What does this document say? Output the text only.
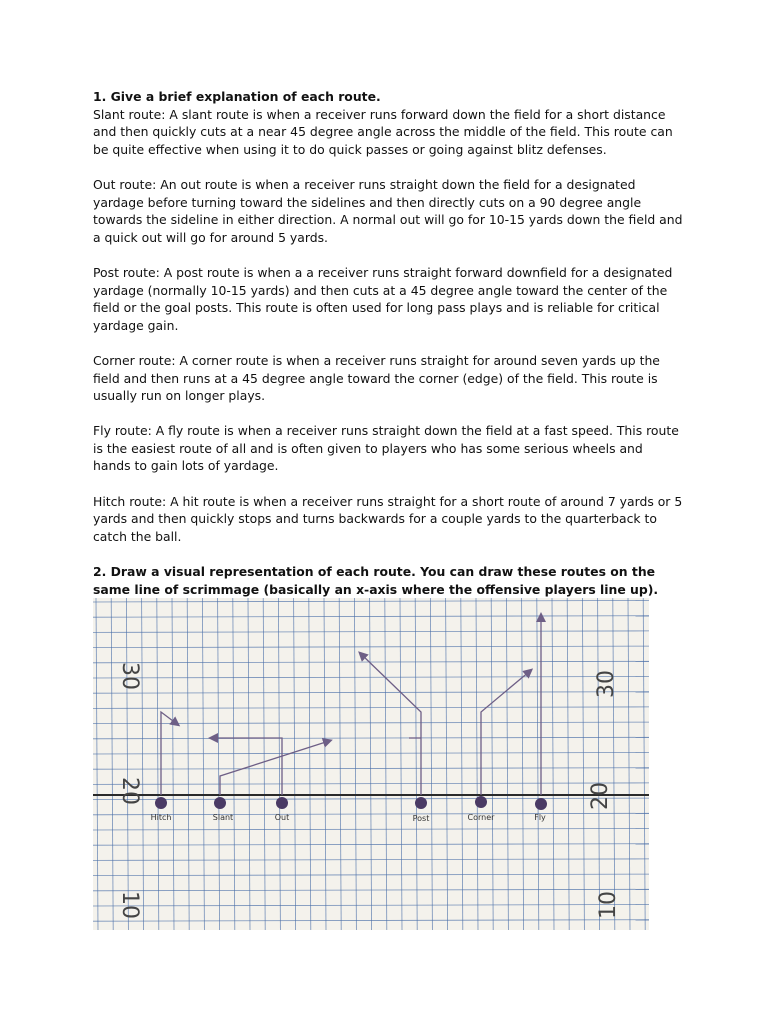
1. Give a brief explanation of each route.

Slant route: A slant route is when a receiver runs forward down the field for a short distance and then quickly cuts at a near 45 degree angle across the middle of the field. This route can be quite effective when using it to do quick passes or going against blitz defenses.

Out route: An out route is when a receiver runs straight down the field for a designated yardage before turning toward the sidelines and then directly cuts on a 90 degree angle towards the sideline in either direction. A normal out will go for 10-15 yards down the field and a quick out will go for around 5 yards.

Post route: A post route is when a a receiver runs straight forward downfield for a designated yardage (normally 10-15 yards) and then cuts at a 45 degree angle toward the center of the field or the goal posts. This route is often used for long pass plays and is reliable for critical yardage gain.

Corner route: A corner route is when a receiver runs straight for around seven yards up the field and then runs at a 45 degree angle toward the corner (edge) of the field. This route is usually run on longer plays.

Fly route: A fly route is when a receiver runs straight down the field at a fast speed. This route is the easiest route of all and is often given to players who has some serious wheels and hands to gain lots of yardage.

Hitch route: A hit route is when a receiver runs straight for a short route of around 7 yards or 5 yards and then quickly stops and turns backwards for a couple yards to the quarterback to catch the ball.

2. Draw a visual representation of each route. You can draw these routes on the same line of scrimmage (basically an x-axis where the offensive players line up).

30
20
10
30
20
10
Hitch	Slant	Out	Post	Corner	Fly
